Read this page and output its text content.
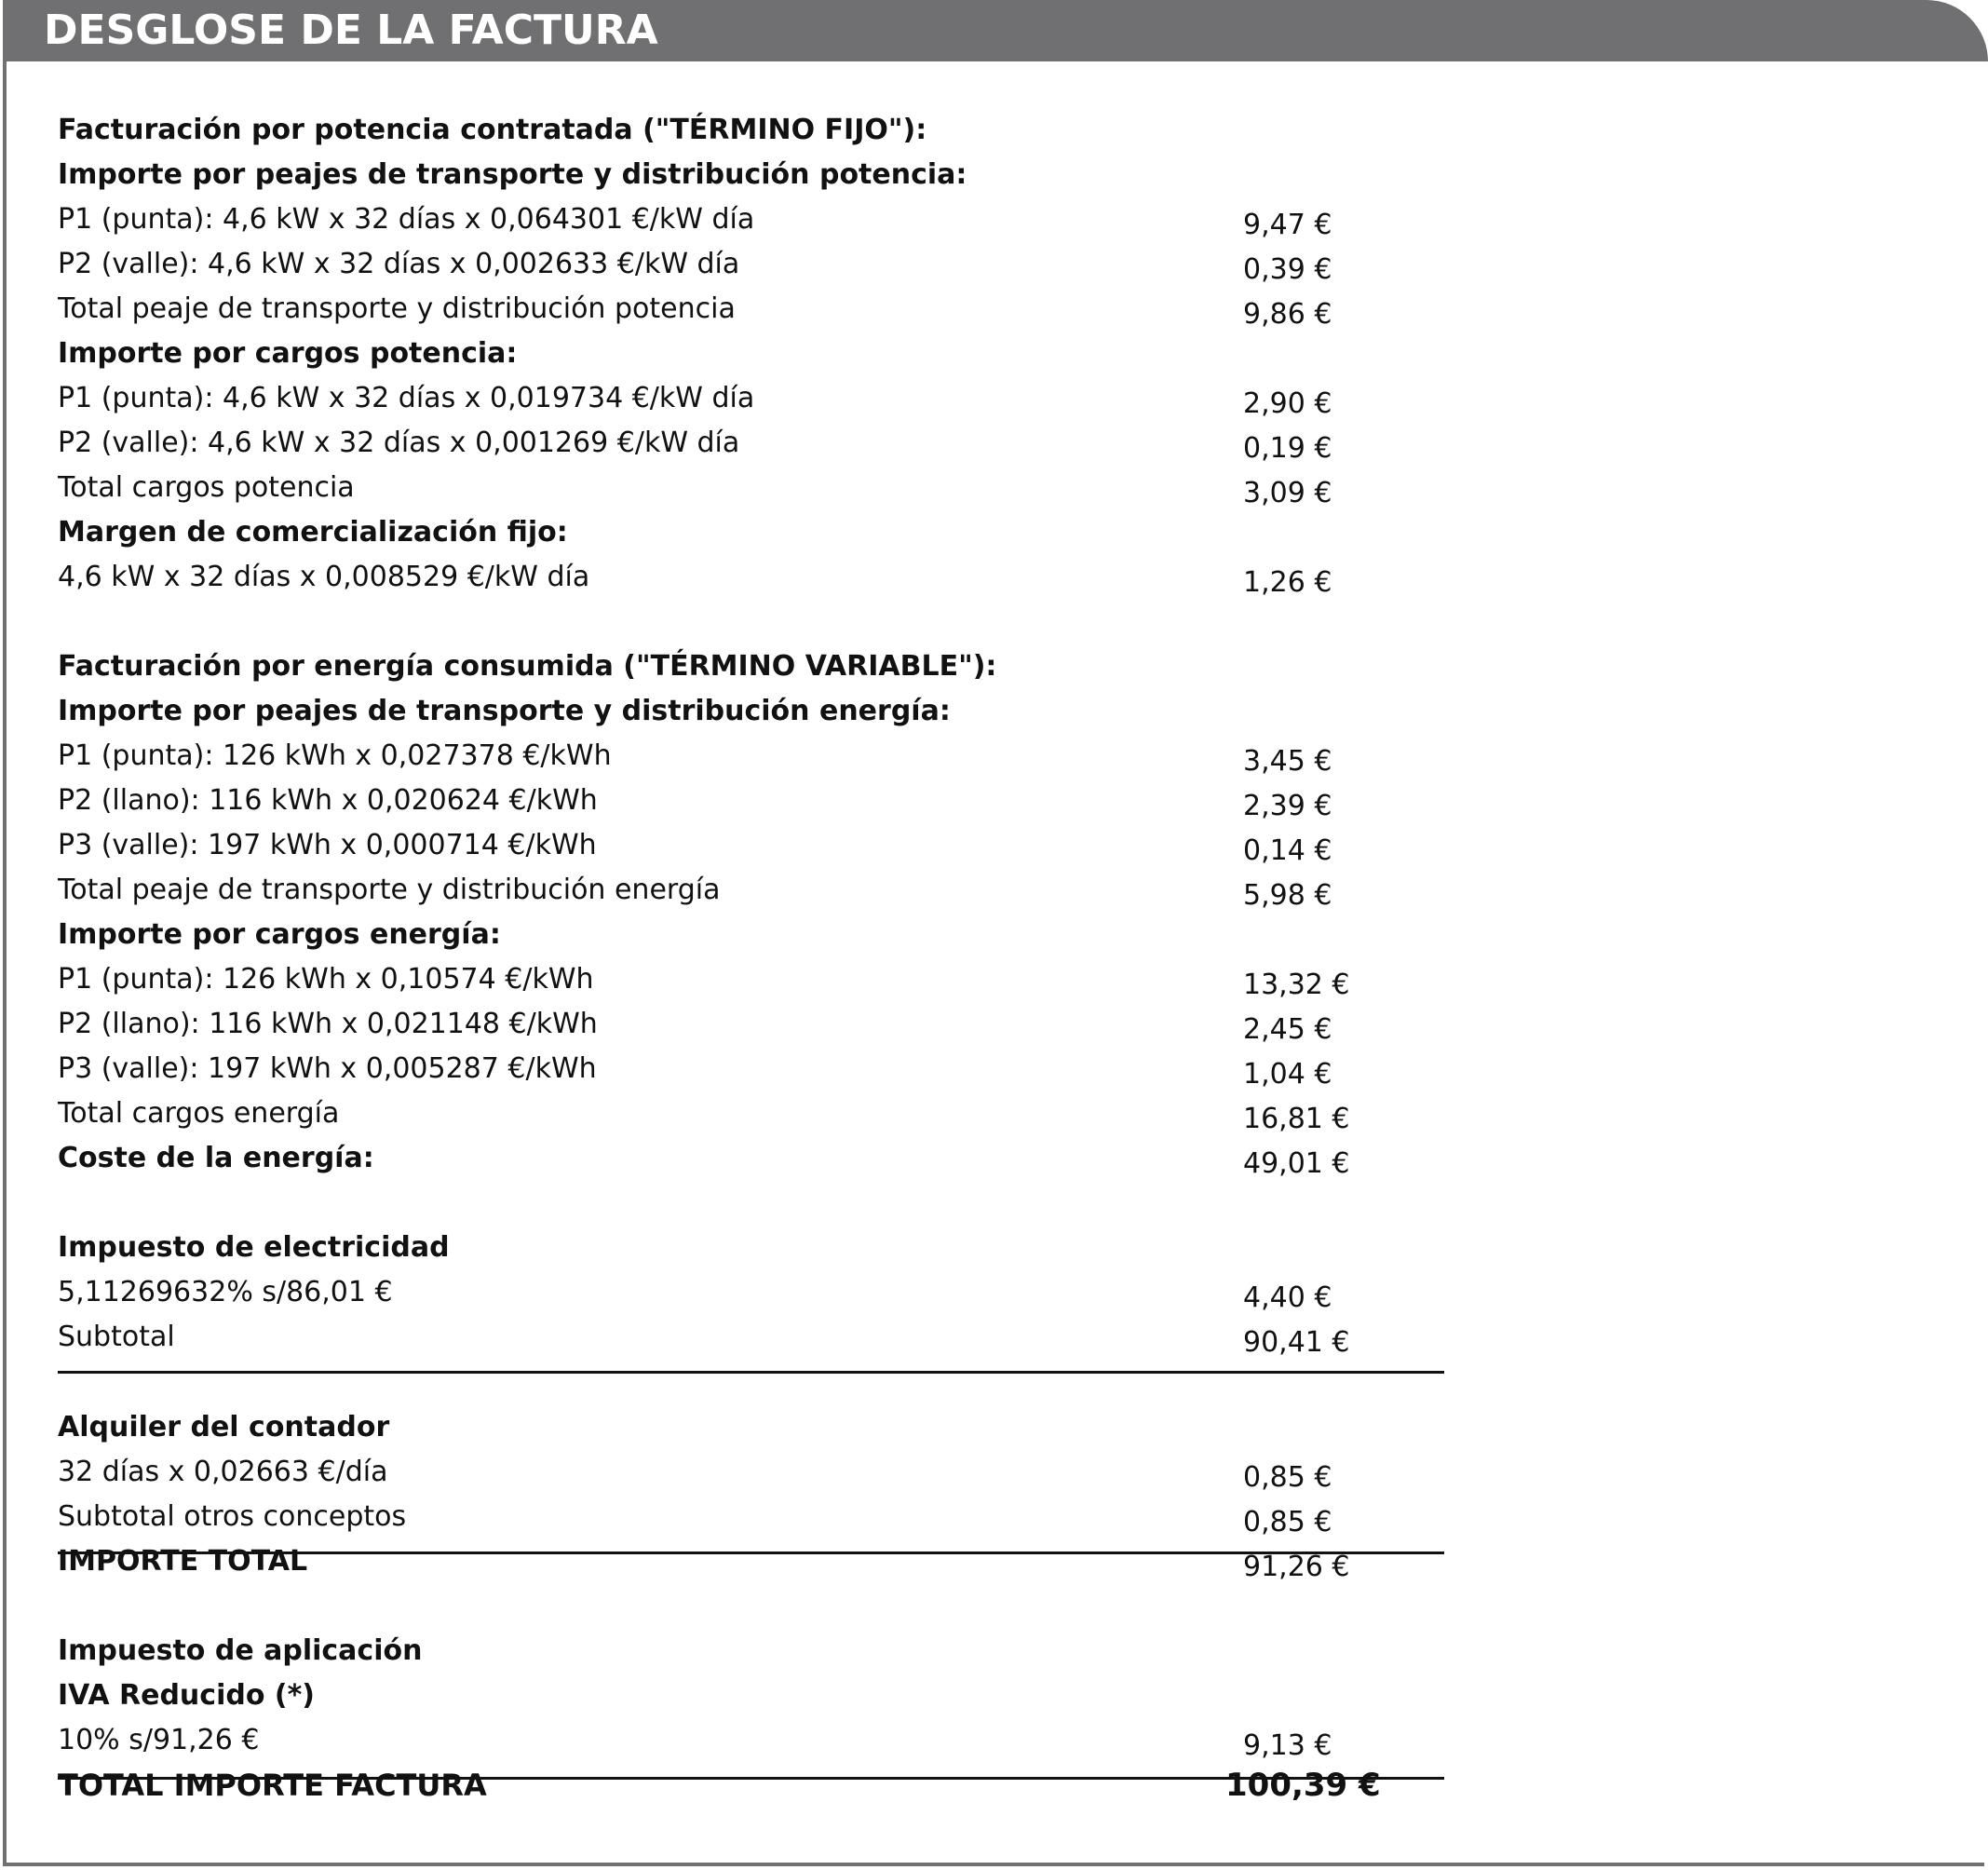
DESGLOSE DE LA FACTURA
Facturación por potencia contratada ("TÉRMINO FIJO"):
Importe por peajes de transporte y distribución potencia:
P1 (punta): 4,6 kW x 32 días x 0,064301 €/kW día	9,47 €
P2 (valle): 4,6 kW x 32 días x 0,002633 €/kW día	0,39 €
Total peaje de transporte y distribución potencia	9,86 €
Importe por cargos potencia:
P1 (punta): 4,6 kW x 32 días x 0,019734 €/kW día	2,90 €
P2 (valle): 4,6 kW x 32 días x 0,001269 €/kW día	0,19 €
Total cargos potencia	3,09 €
Margen de comercialización fijo:
4,6 kW x 32 días x 0,008529 €/kW día	1,26 €
Facturación por energía consumida ("TÉRMINO VARIABLE"):
Importe por peajes de transporte y distribución energía:
P1 (punta): 126 kWh x 0,027378 €/kWh	3,45 €
P2 (llano): 116 kWh x 0,020624 €/kWh	2,39 €
P3 (valle): 197 kWh x 0,000714 €/kWh	0,14 €
Total peaje de transporte y distribución energía	5,98 €
Importe por cargos energía:
P1 (punta): 126 kWh x 0,10574 €/kWh	13,32 €
P2 (llano): 116 kWh x 0,021148 €/kWh	2,45 €
P3 (valle): 197 kWh x 0,005287 €/kWh	1,04 €
Total cargos energía	16,81 €
Coste de la energía:	49,01 €
Impuesto de electricidad
5,11269632% s/86,01 €	4,40 €
Subtotal	90,41 €
Alquiler del contador
32 días x 0,02663 €/día	0,85 €
Subtotal otros conceptos	0,85 €
IMPORTE TOTAL	91,26 €
Impuesto de aplicación
IVA Reducido (*)
10% s/91,26 €	9,13 €
TOTAL IMPORTE FACTURA	100,39 €
